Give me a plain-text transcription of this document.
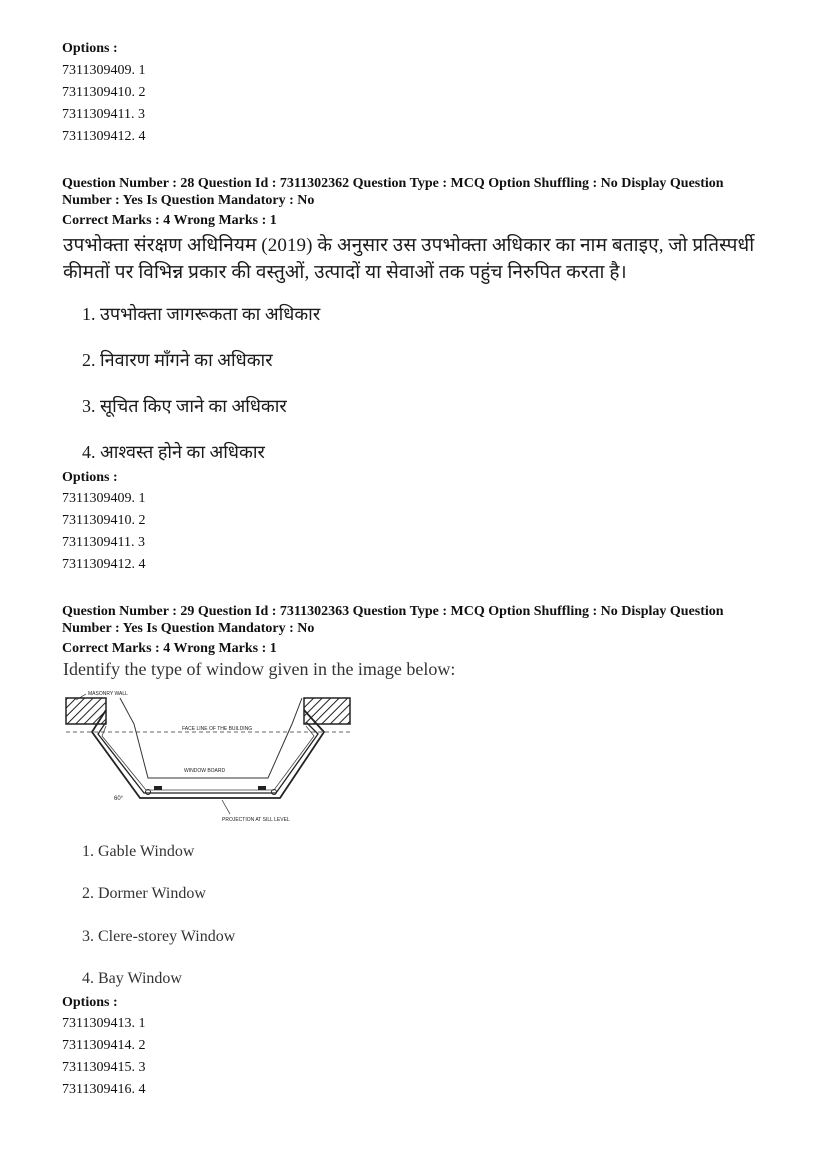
Options :
7311309409. 1
7311309410. 2
7311309411. 3
7311309412. 4
Question Number : 28 Question Id : 7311302362 Question Type : MCQ Option Shuffling : No Display Question
Number : Yes Is Question Mandatory : No
Correct Marks : 4 Wrong Marks : 1
उपभोक्ता संरक्षण अधिनियम (2019) के अनुसार उस उपभोक्ता अधिकार का नाम बताइए, जो प्रतिस्पर्धी
कीमतों पर विभिन्न प्रकार की वस्तुओं, उत्पादों या सेवाओं तक पहुंच निरुपित करता है।
1. उपभोक्ता जागरूकता का अधिकार
2. निवारण माँगने का अधिकार
3. सूचित किए जाने का अधिकार
4. आश्वस्त होने का अधिकार
Options :
7311309409. 1
7311309410. 2
7311309411. 3
7311309412. 4
Question Number : 29 Question Id : 7311302363 Question Type : MCQ Option Shuffling : No Display Question
Number : Yes Is Question Mandatory : No
Correct Marks : 4 Wrong Marks : 1
Identify the type of window given in the image below:
MASONRY WALL
FACE LINE OF THE BUILDING
WINDOW BOARD
PROJECTION AT SILL LEVEL
60°
1. Gable Window
2. Dormer Window
3. Clere-storey Window
4. Bay Window
Options :
7311309413. 1
7311309414. 2
7311309415. 3
7311309416. 4
